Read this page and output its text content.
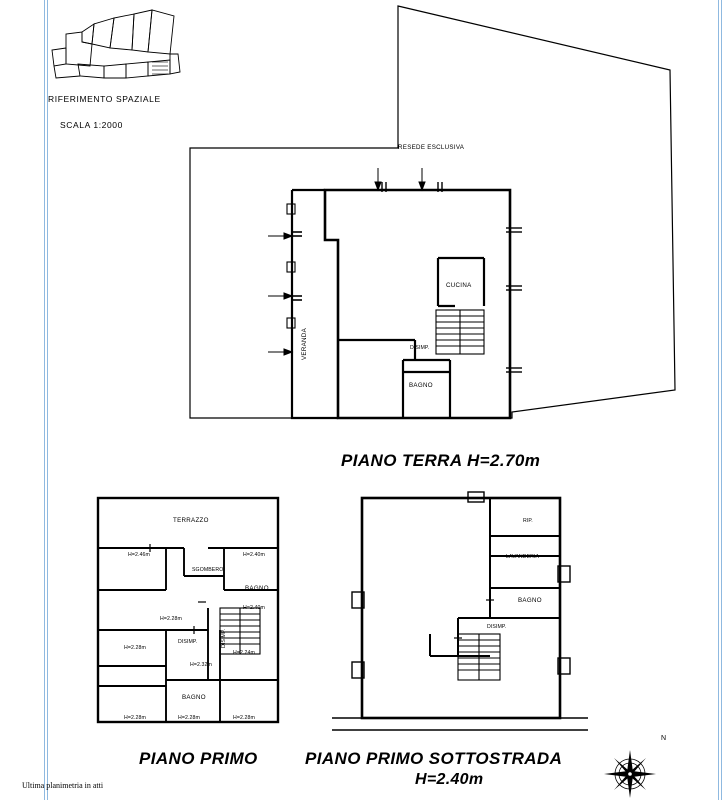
RIFERIMENTO SPAZIALE
SCALA 1:2000
RESEDE ESCLUSIVA
VERANDA
CUCINA
DISIMP.
BAGNO
PIANO TERRA H=2.70m
TERRAZZO
SGOMBERO
BAGNO
DISIMP.	DISIMP.
BAGNO
H=2.46m	H=2.40m
H=2.40m
H=2.28m
H=2.28m
H=2.24m
H=2.32m
H=2.28m	H=2.28m	H=2.28m
PIANO PRIMO
RIP.
LAVANDERIA
BAGNO
DISIMP.
PIANO PRIMO SOTTOSTRADA
H=2.40m
N
Ultima planimetria in atti
